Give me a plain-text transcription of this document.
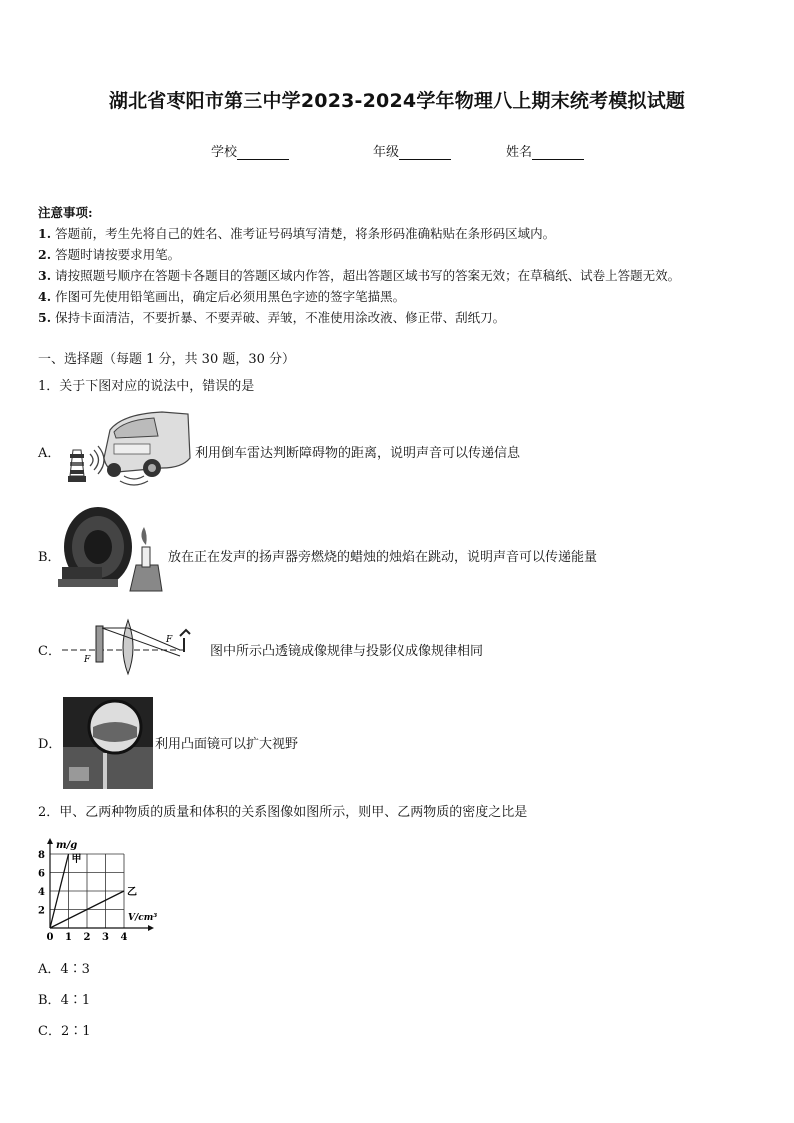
湖北省枣阳市第三中学2023-2024学年物理八上期末统考模拟试题
学校	年级	姓名
注意事项:
1. 答题前，考生先将自己的姓名、准考证号码填写清楚，将条形码准确粘贴在条形码区域内。
2. 答题时请按要求用笔。
3. 请按照题号顺序在答题卡各题目的答题区域内作答，超出答题区域书写的答案无效；在草稿纸、试卷上答题无效。
4. 作图可先使用铅笔画出，确定后必须用黑色字迹的签字笔描黑。
5. 保持卡面清洁，不要折暴、不要弄破、弄皱，不准使用涂改液、修正带、刮纸刀。
一、选择题（每题 1 分，共 30 题，30 分）
1．关于下图对应的说法中，错误的是
A．	利用倒车雷达判断障碍物的距离，说明声音可以传递信息
B．	放在正在发声的扬声器旁燃烧的蜡烛的烛焰在跳动，说明声音可以传递能量
C．
F
F
图中所示凸透镜成像规律与投影仪成像规律相同
D．	利用凸面镜可以扩大视野
2．甲、乙两种物质的质量和体积的关系图像如图所示，则甲、乙两物质的密度之比是
0 1 2 3 4
2
4
6
8
m/g
V/cm³
甲
乙
A．4∶3
B．4∶1
C．2∶1
